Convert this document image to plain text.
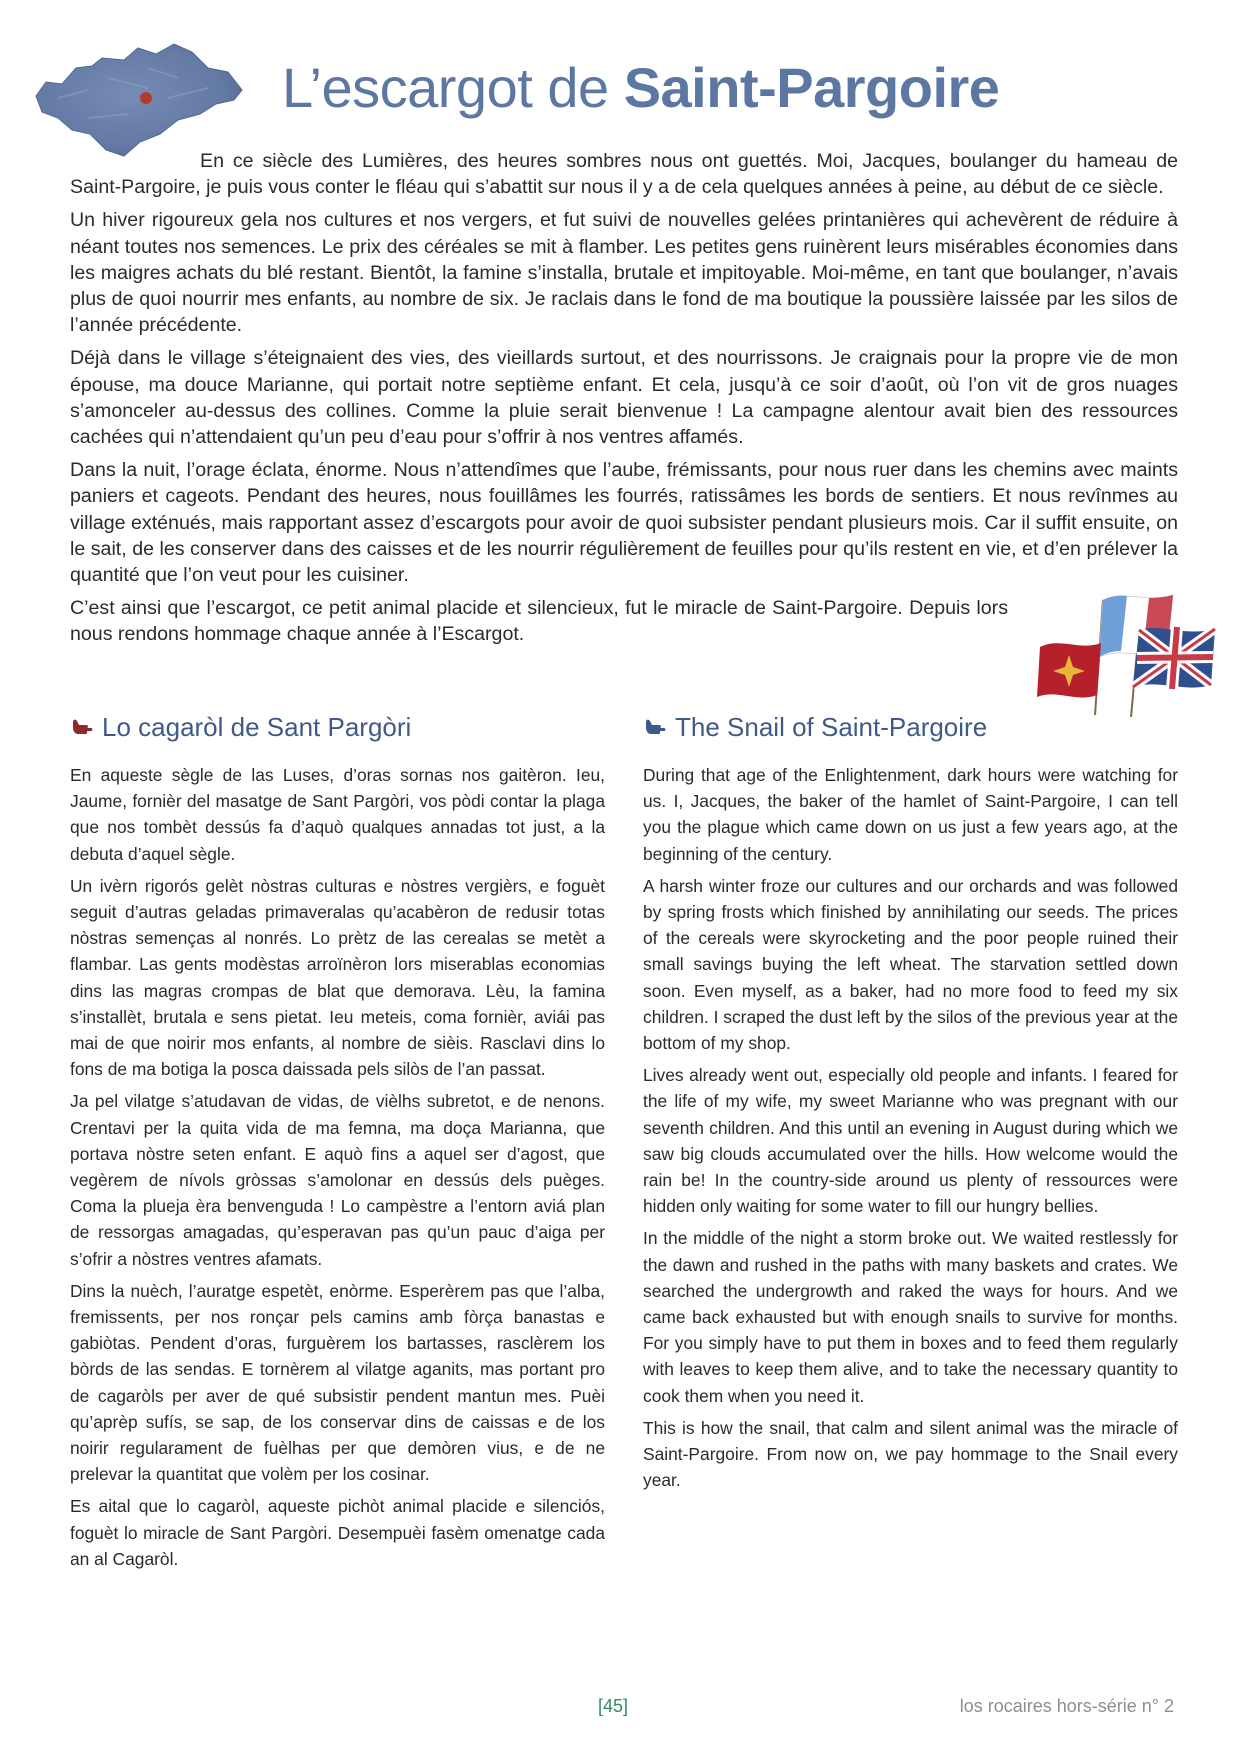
L’escargot de Saint-Pargoire

En ce siècle des Lumières, des heures sombres nous ont guettés. Moi, Jacques, boulanger du hameau de Saint-Pargoire, je puis vous conter le fléau qui s’abattit sur nous il y a de cela quelques années à peine, au début de ce siècle.

Un hiver rigoureux gela nos cultures et nos vergers, et fut suivi de nouvelles gelées printanières qui achevèrent de réduire à néant toutes nos semences. Le prix des céréales se mit à flamber. Les petites gens ruinèrent leurs misérables économies dans les maigres achats du blé restant. Bientôt, la famine s’installa, brutale et impitoyable. Moi-même, en tant que boulanger, n’avais plus de quoi nourrir mes enfants, au nombre de six. Je raclais dans le fond de ma boutique la poussière laissée par les silos de l’année précédente.

Déjà dans le village s’éteignaient des vies, des vieillards surtout, et des nourrissons. Je craignais pour la propre vie de mon épouse, ma douce Marianne, qui portait notre septième enfant. Et cela, jusqu’à ce soir d’août, où l’on vit de gros nuages s’amonceler au-dessus des collines. Comme la pluie serait bienvenue ! La campagne alentour avait bien des ressources cachées qui n’attendaient qu’un peu d’eau pour s’offrir à nos ventres affamés.

Dans la nuit, l’orage éclata, énorme. Nous n’attendîmes que l’aube, frémissants, pour nous ruer dans les chemins avec maints paniers et cageots. Pendant des heures, nous fouillâmes les fourrés, ratissâmes les bords de sentiers. Et nous revînmes au village exténués, mais rapportant assez d’escargots pour avoir de quoi subsister pendant plusieurs mois. Car il suffit ensuite, on le sait, de les conserver dans des caisses et de les nourrir régulièrement de feuilles pour qu’ils restent en vie, et d’en prélever la quantité que l’on veut pour les cuisiner.

C’est ainsi que l’escargot, ce petit animal placide et silencieux, fut le miracle de Saint-Pargoire. Depuis lors nous rendons hommage chaque année à l’Escargot.

Lo cagaròl de Sant Pargòri

En aqueste sègle de las Luses, d’oras sornas nos gaitèron. Ieu, Jaume, fornièr del masatge de Sant Pargòri, vos pòdi contar la plaga que nos tombèt dessús fa d’aquò qualques annadas tot just, a la debuta d’aquel sègle.

Un ivèrn rigorós gelèt nòstras culturas e nòstres vergièrs, e foguèt seguit d’autras geladas primaveralas qu’acabèron de redusir totas nòstras semenças al nonrés. Lo prètz de las cerealas se metèt a flambar. Las gents modèstas arroïnèron lors miserablas economias dins las magras crompas de blat que demorava. Lèu, la famina s’installèt, brutala e sens pietat. Ieu meteis, coma fornièr, aviái pas mai de que noirir mos enfants, al nombre de sièis. Rasclavi dins lo fons de ma botiga la posca daissada pels silòs de l’an passat.

Ja pel vilatge s’atudavan de vidas, de vièlhs subretot, e de nenons. Crentavi per la quita vida de ma femna, ma doça Marianna, que portava nòstre seten enfant. E aquò fins a aquel ser d’agost, que vegèrem de nívols gròssas s’amolonar en dessús dels puèges. Coma la plueja èra benvenguda ! Lo campèstre a l’entorn aviá plan de ressorgas amagadas, qu’esperavan pas qu’un pauc d’aiga per s’ofrir a nòstres ventres afamats.

Dins la nuèch, l’auratge espetèt, enòrme. Esperèrem pas que l’alba, fremissents, per nos ronçar pels camins amb fòrça banastas e gabiòtas. Pendent d’oras, furguèrem los bartasses, rasclèrem los bòrds de las sendas. E tornèrem al vilatge aganits, mas portant pro de cagaròls per aver de qué subsistir pendent mantun mes. Puèi qu’aprèp sufís, se sap, de los conservar dins de caissas e de los noirir regularament de fuèlhas per que demòren vius, e de ne prelevar la quantitat que volèm per los cosinar.

Es aital que lo cagaròl, aqueste pichòt animal placide e silenciós, foguèt lo miracle de Sant Pargòri. Desempuèi fasèm omenatge cada an al Cagaròl.

The Snail of Saint-Pargoire

During that age of the Enlightenment, dark hours were watching for us. I, Jacques, the baker of the hamlet of Saint-Pargoire, I can tell you the plague which came down on us just a few years ago, at the beginning of the century.

A harsh winter froze our cultures and our orchards and was followed by spring frosts which finished by annihilating our seeds. The prices of the cereals were skyrocketing and the poor people ruined their small savings buying the left wheat. The starvation settled down soon. Even myself, as a baker, had no more food to feed my six children. I scraped the dust left by the silos of the previous year at the bottom of my shop.

Lives already went out, especially old people and infants. I feared for the life of my wife, my sweet Marianne who was pregnant with our seventh children. And this until an evening in August during which we saw big clouds accumulated over the hills. How welcome would the rain be! In the country-side around us plenty of ressources were hidden only waiting for some water to fill our hungry bellies.

In the middle of the night a storm broke out. We waited restlessly for the dawn and rushed in the paths with many baskets and crates. We searched the undergrowth and raked the ways for hours. And we came back exhausted but with enough snails to survive for months. For you simply have to put them in boxes and to feed them regularly with leaves to keep them alive, and to take the necessary quantity to cook them when you need it.

This is how the snail, that calm and silent animal was the miracle of Saint-Pargoire. From now on, we pay hommage to the Snail every year.

[45]	los rocaires hors-série n° 2
